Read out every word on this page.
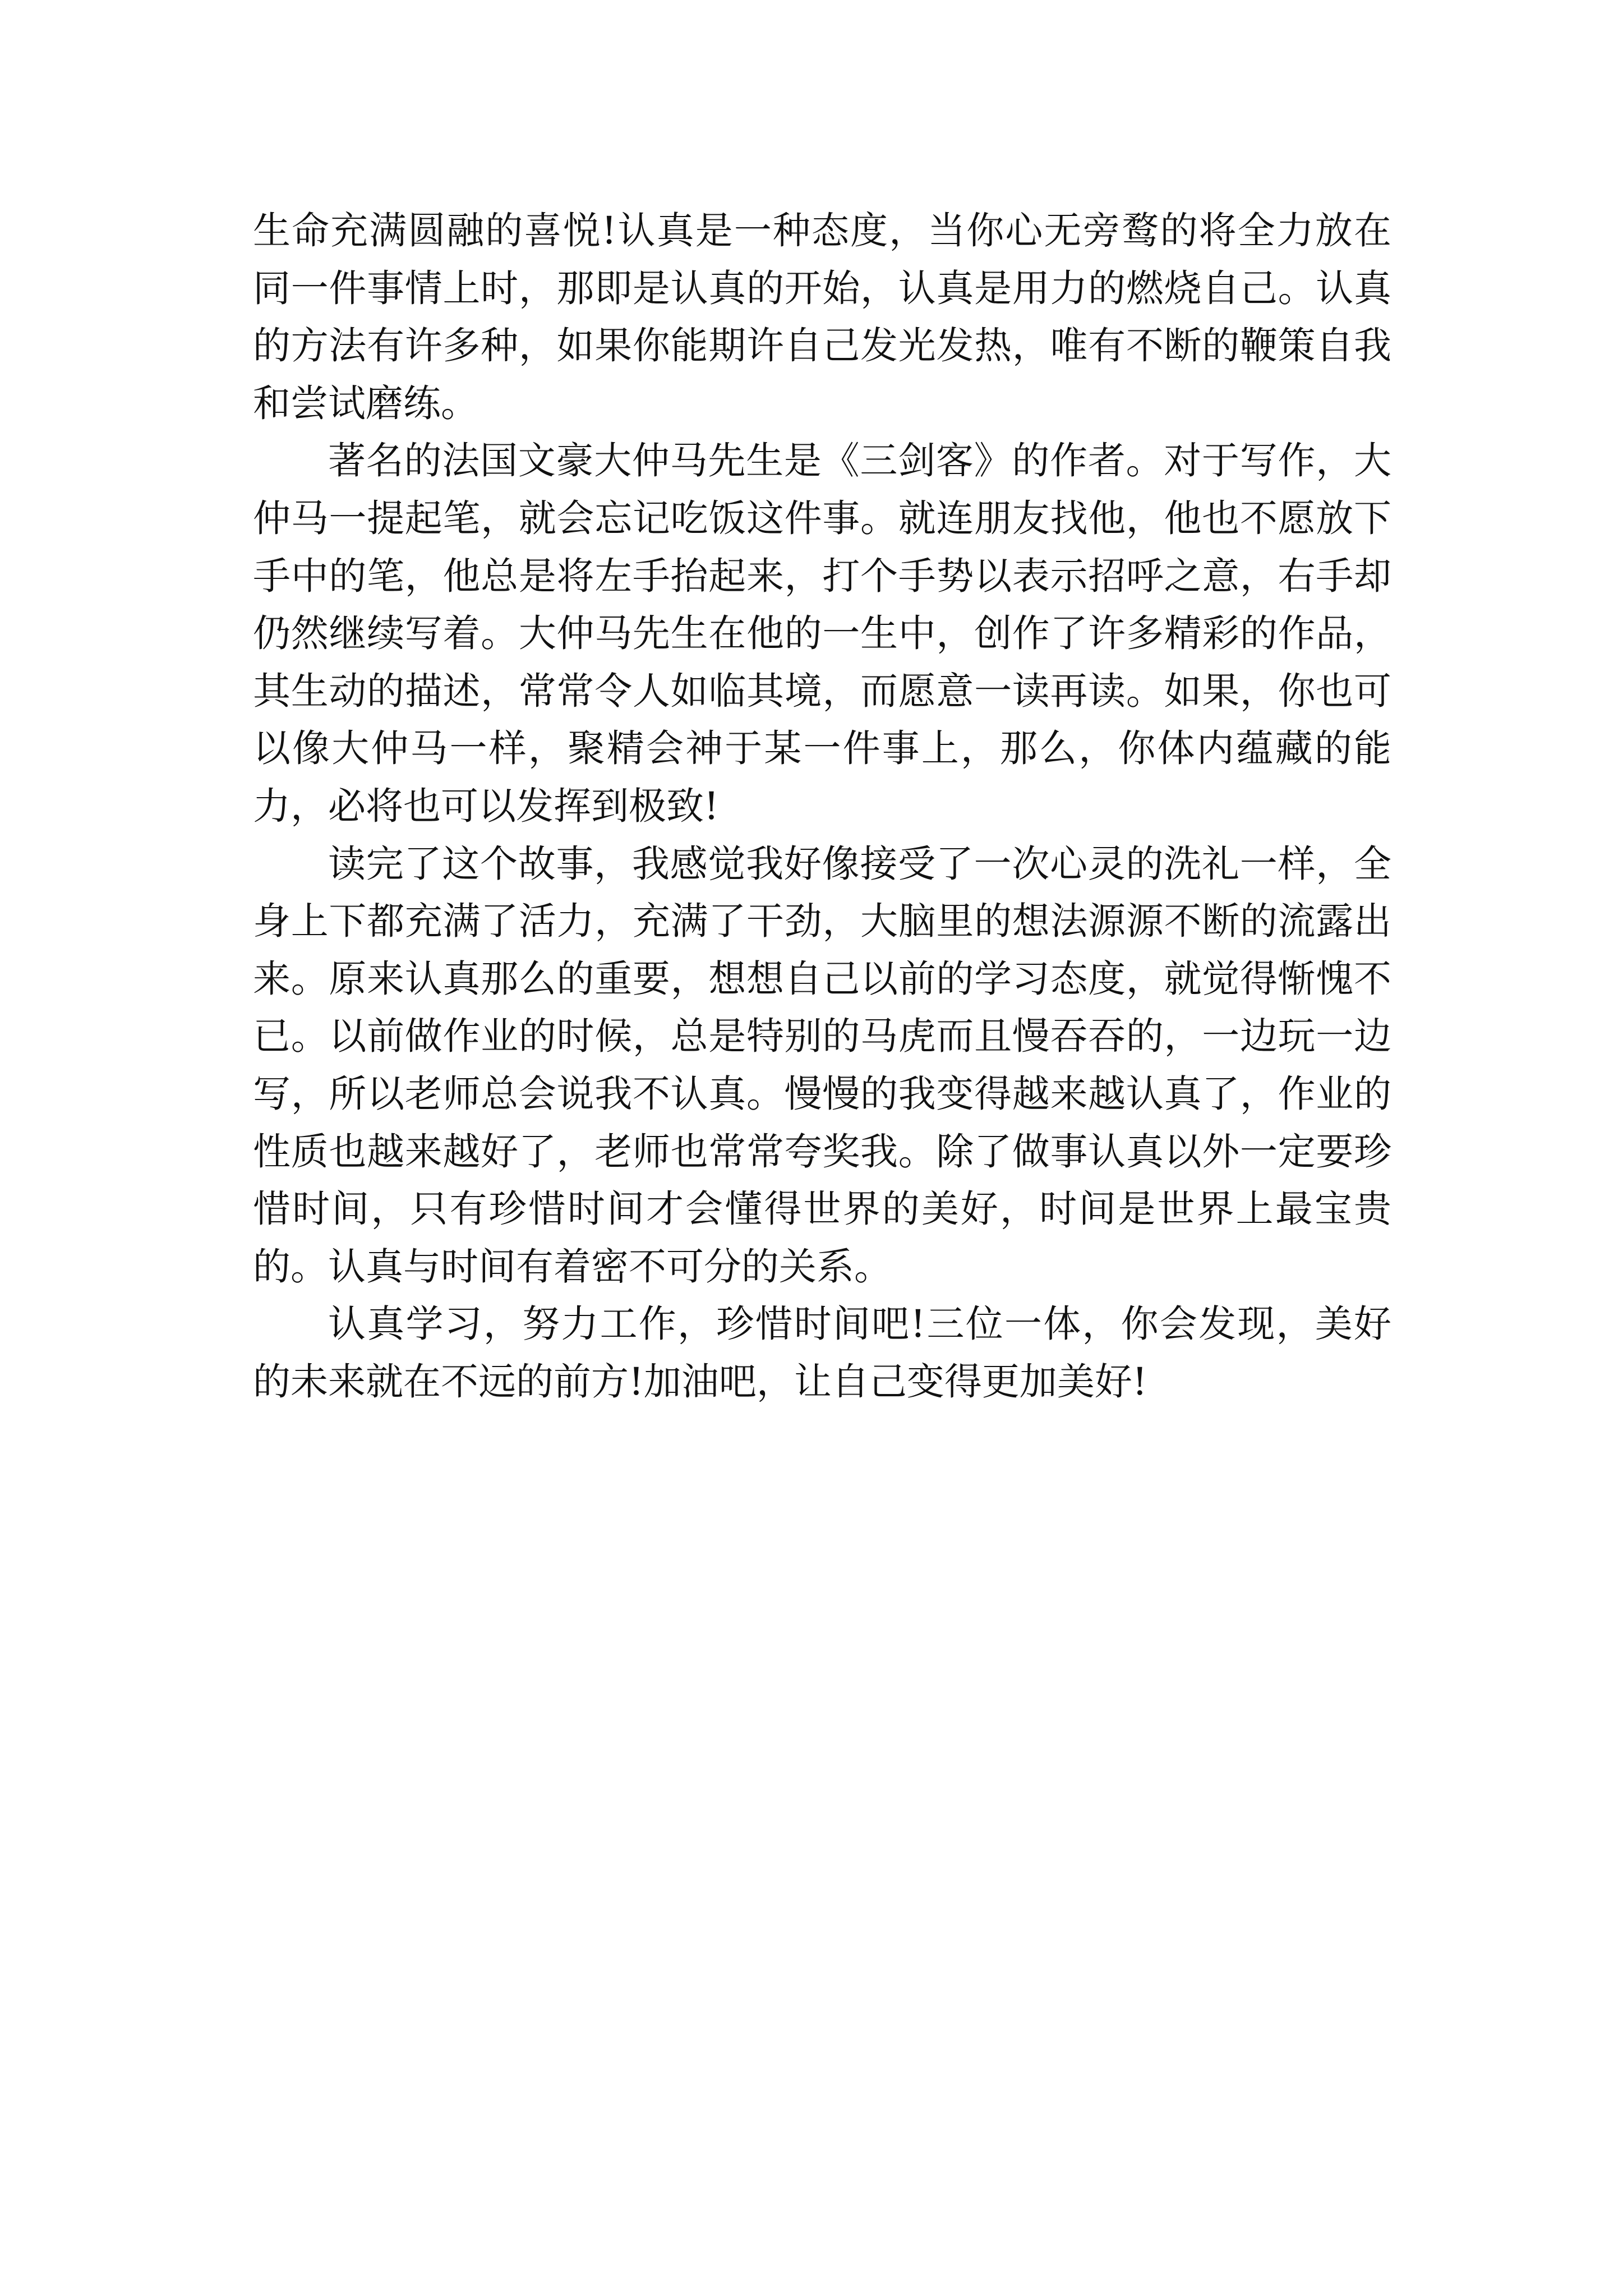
生命充满圆融的喜悦!认真是一种态度，当你心无旁鹜的将全力放在同一件事情上时，那即是认真的开始，认真是用力的燃烧自己。认真的方法有许多种，如果你能期许自己发光发热，唯有不断的鞭策自我和尝试磨练。

著名的法国文豪大仲马先生是《三剑客》的作者。对于写作，大仲马一提起笔，就会忘记吃饭这件事。就连朋友找他，他也不愿放下手中的笔，他总是将左手抬起来，打个手势以表示招呼之意，右手却仍然继续写着。大仲马先生在他的一生中，创作了许多精彩的作品，其生动的描述，常常令人如临其境，而愿意一读再读。如果，你也可以像大仲马一样，聚精会神于某一件事上，那么，你体内蕴藏的能力，必将也可以发挥到极致!

读完了这个故事，我感觉我好像接受了一次心灵的洗礼一样，全身上下都充满了活力，充满了干劲，大脑里的想法源源不断的流露出来。原来认真那么的重要，想想自己以前的学习态度，就觉得惭愧不已。以前做作业的时候，总是特别的马虎而且慢吞吞的，一边玩一边写，所以老师总会说我不认真。慢慢的我变得越来越认真了，作业的性质也越来越好了，老师也常常夸奖我。除了做事认真以外一定要珍惜时间，只有珍惜时间才会懂得世界的美好，时间是世界上最宝贵的。认真与时间有着密不可分的关系。

认真学习，努力工作，珍惜时间吧!三位一体，你会发现，美好的未来就在不远的前方!加油吧，让自己变得更加美好!
